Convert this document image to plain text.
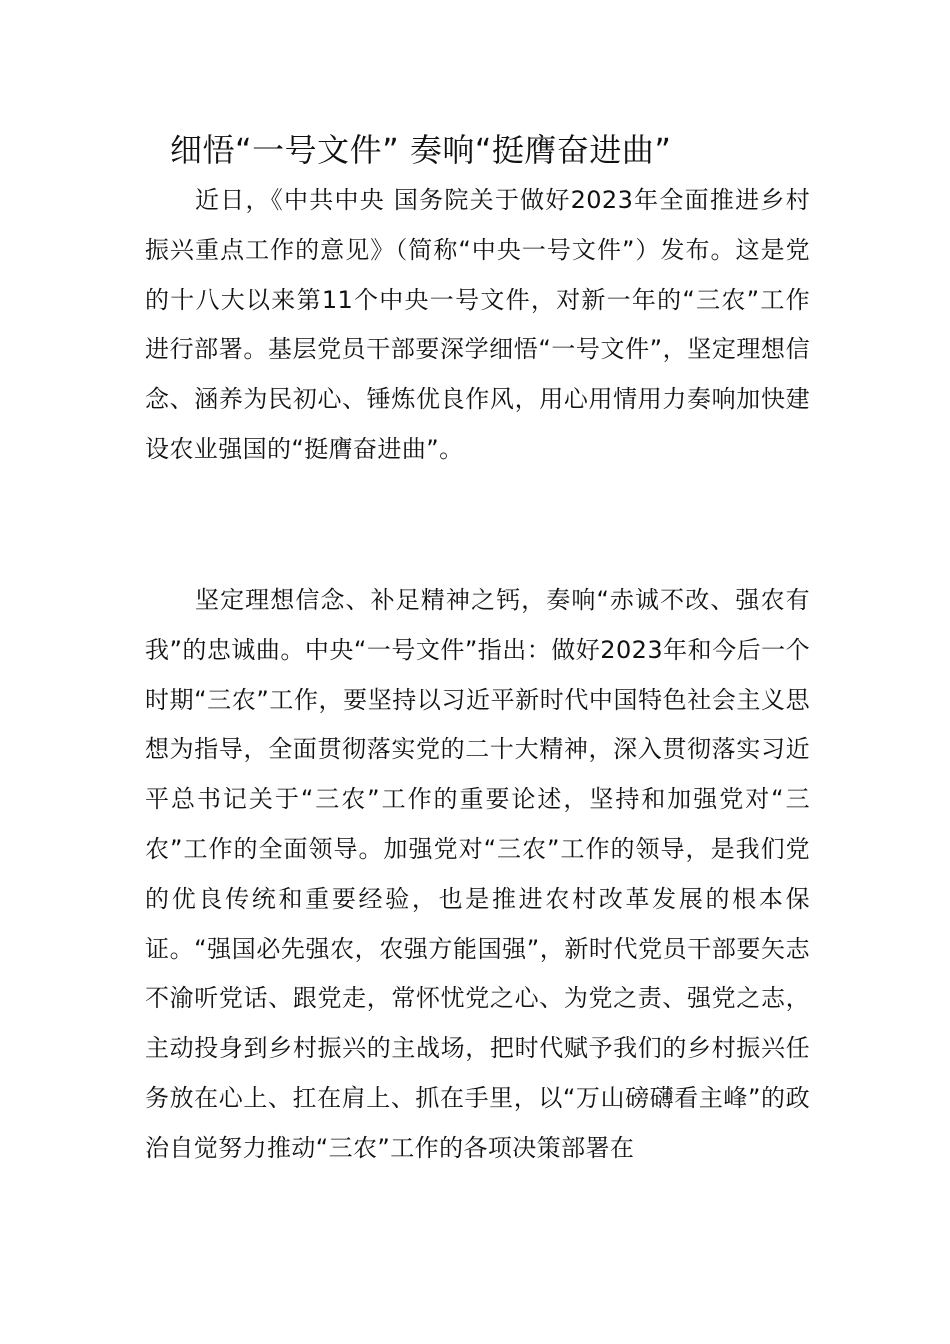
细悟“一号文件” 奏响“挺膺奋进曲”

近日，《中共中央 国务院关于做好2023年全面推进乡村振兴重点工作的意见》（简称“中央一号文件”）发布。这是党的十八大以来第11个中央一号文件，对新一年的“三农”工作进行部署。基层党员干部要深学细悟“一号文件”，坚定理想信念、涵养为民初心、锤炼优良作风，用心用情用力奏响加快建设农业强国的“挺膺奋进曲”。

坚定理想信念、补足精神之钙，奏响“赤诚不改、强农有我”的忠诚曲。中央“一号文件”指出：做好2023年和今后一个时期“三农”工作，要坚持以习近平新时代中国特色社会主义思想为指导，全面贯彻落实党的二十大精神，深入贯彻落实习近平总书记关于“三农”工作的重要论述，坚持和加强党对“三农”工作的全面领导。加强党对“三农”工作的领导，是我们党的优良传统和重要经验，也是推进农村改革发展的根本保证。“强国必先强农，农强方能国强”，新时代党员干部要矢志不渝听党话、跟党走，常怀忧党之心、为党之责、强党之志，主动投身到乡村振兴的主战场，把时代赋予我们的乡村振兴任务放在心上、扛在肩上、抓在手里，以“万山磅礴看主峰”的政治自觉努力推动“三农”工作的各项决策部署在
